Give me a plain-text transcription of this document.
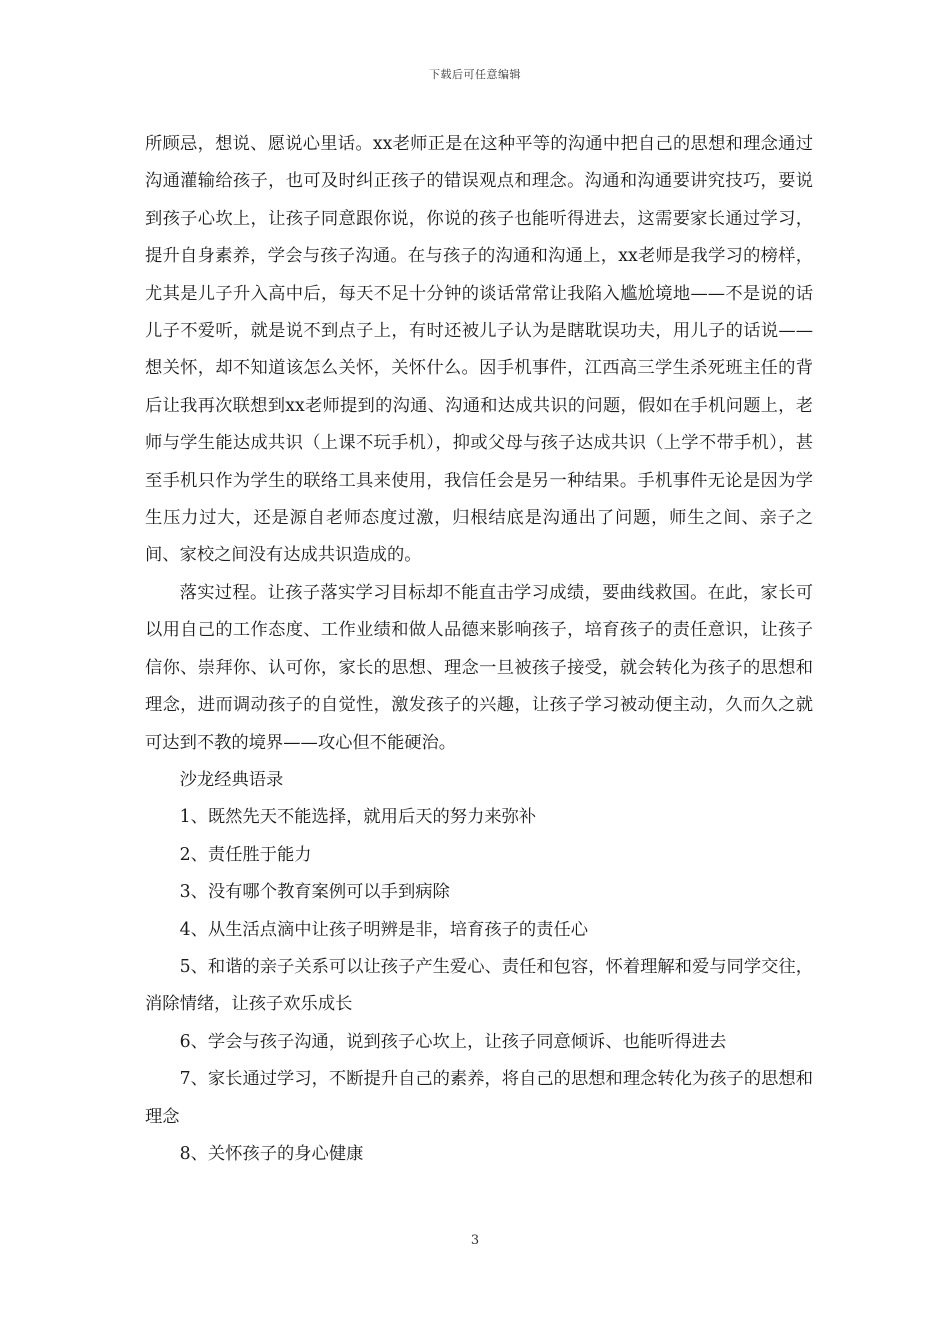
下载后可任意编辑

所顾忌，想说、愿说心里话。xx老师正是在这种平等的沟通中把自己的思想和理念通过沟通灌输给孩子，也可及时纠正孩子的错误观点和理念。沟通和沟通要讲究技巧，要说到孩子心坎上，让孩子同意跟你说，你说的孩子也能听得进去，这需要家长通过学习，提升自身素养，学会与孩子沟通。在与孩子的沟通和沟通上，xx老师是我学习的榜样，尤其是儿子升入高中后，每天不足十分钟的谈话常常让我陷入尴尬境地——不是说的话儿子不爱听，就是说不到点子上，有时还被儿子认为是瞎耽误功夫，用儿子的话说——想关怀，却不知道该怎么关怀，关怀什么。因手机事件，江西高三学生杀死班主任的背后让我再次联想到xx老师提到的沟通、沟通和达成共识的问题，假如在手机问题上，老师与学生能达成共识（上课不玩手机），抑或父母与孩子达成共识（上学不带手机），甚至手机只作为学生的联络工具来使用，我信任会是另一种结果。手机事件无论是因为学生压力过大，还是源自老师态度过激，归根结底是沟通出了问题，师生之间、亲子之间、家校之间没有达成共识造成的。

落实过程。让孩子落实学习目标却不能直击学习成绩，要曲线救国。在此，家长可以用自己的工作态度、工作业绩和做人品德来影响孩子，培育孩子的责任意识，让孩子信你、崇拜你、认可你，家长的思想、理念一旦被孩子接受，就会转化为孩子的思想和理念，进而调动孩子的自觉性，激发孩子的兴趣，让孩子学习被动便主动，久而久之就可达到不教的境界——攻心但不能硬治。

沙龙经典语录

1、既然先天不能选择，就用后天的努力来弥补

2、责任胜于能力

3、没有哪个教育案例可以手到病除

4、从生活点滴中让孩子明辨是非，培育孩子的责任心

5、和谐的亲子关系可以让孩子产生爱心、责任和包容，怀着理解和爱与同学交往，消除情绪，让孩子欢乐成长

6、学会与孩子沟通，说到孩子心坎上，让孩子同意倾诉、也能听得进去

7、家长通过学习，不断提升自己的素养，将自己的思想和理念转化为孩子的思想和理念

8、关怀孩子的身心健康

3
